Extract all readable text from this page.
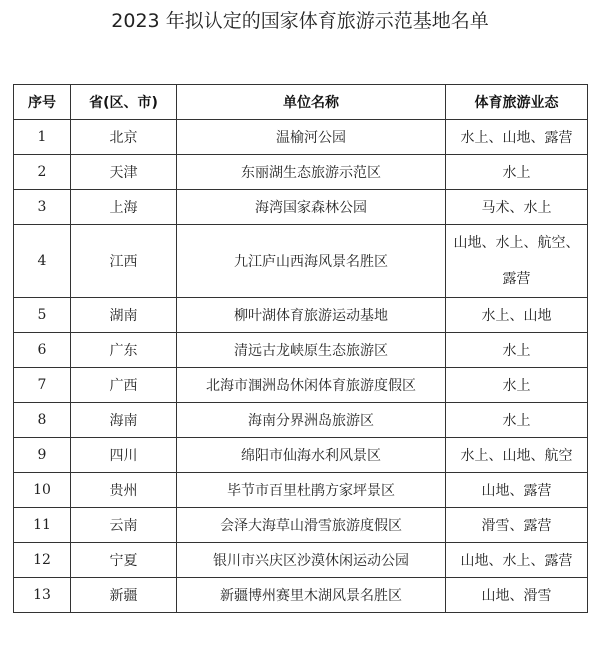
2023 年拟认定的国家体育旅游示范基地名单
序号	省(区、市)	单位名称	体育旅游业态
1	北京	温榆河公园	水上、山地、露营
2	天津	东丽湖生态旅游示范区	水上
3	上海	海湾国家森林公园	马术、水上
4	江西	九江庐山西海风景名胜区	山地、水上、航空、露营
5	湖南	柳叶湖体育旅游运动基地	水上、山地
6	广东	清远古龙峡原生态旅游区	水上
7	广西	北海市涠洲岛休闲体育旅游度假区	水上
8	海南	海南分界洲岛旅游区	水上
9	四川	绵阳市仙海水利风景区	水上、山地、航空
10	贵州	毕节市百里杜鹃方家坪景区	山地、露营
11	云南	会泽大海草山滑雪旅游度假区	滑雪、露营
12	宁夏	银川市兴庆区沙漠休闲运动公园	山地、水上、露营
13	新疆	新疆博州赛里木湖风景名胜区	山地、滑雪
